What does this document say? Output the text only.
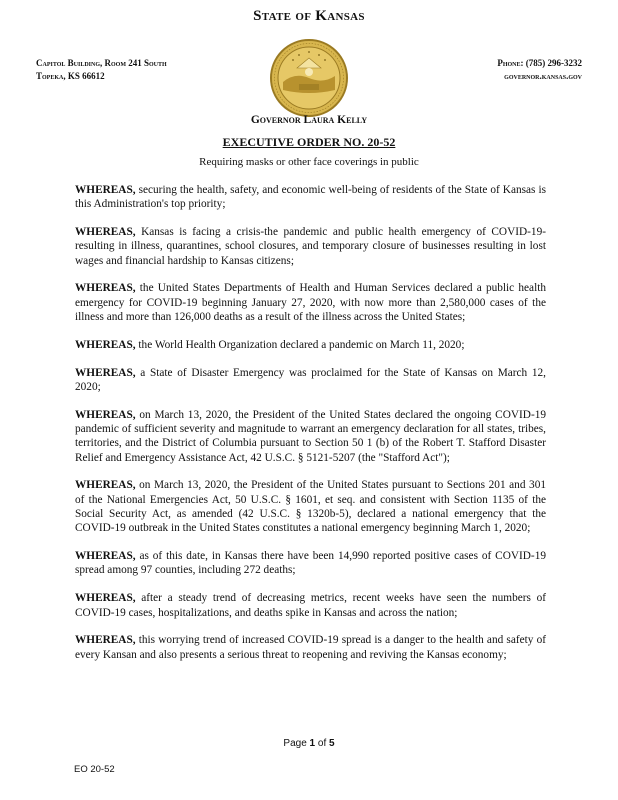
State of Kansas
Capitol Building, Room 241 South
Topeka, KS 66612
Phone: (785) 296-3232
governor.kansas.gov
Governor Laura Kelly
EXECUTIVE ORDER NO. 20-52
Requiring masks or other face coverings in public

WHEREAS, securing the health, safety, and economic well-being of residents of the State of Kansas is this Administration's top priority;

WHEREAS, Kansas is facing a crisis-the pandemic and public health emergency of COVID-19-resulting in illness, quarantines, school closures, and temporary closure of businesses resulting in lost wages and financial hardship to Kansas citizens;

WHEREAS, the United States Departments of Health and Human Services declared a public health emergency for COVID-19 beginning January 27, 2020, with now more than 2,580,000 cases of the illness and more than 126,000 deaths as a result of the illness across the United States;

WHEREAS, the World Health Organization declared a pandemic on March 11, 2020;

WHEREAS, a State of Disaster Emergency was proclaimed for the State of Kansas on March 12, 2020;

WHEREAS, on March 13, 2020, the President of the United States declared the ongoing COVID-19 pandemic of sufficient severity and magnitude to warrant an emergency declaration for all states, tribes, territories, and the District of Columbia pursuant to Section 50 1 (b) of the Robert T. Stafford Disaster Relief and Emergency Assistance Act, 42 U.S.C. § 5121-5207 (the "Stafford Act");

WHEREAS, on March 13, 2020, the President of the United States pursuant to Sections 201 and 301 of the National Emergencies Act, 50 U.S.C. § 1601, et seq. and consistent with Section 1135 of the Social Security Act, as amended (42 U.S.C. § 1320b-5), declared a national emergency that the COVID-19 outbreak in the United States constitutes a national emergency beginning March 1, 2020;

WHEREAS, as of this date, in Kansas there have been 14,990 reported positive cases of COVID-19 spread among 97 counties, including 272 deaths;

WHEREAS, after a steady trend of decreasing metrics, recent weeks have seen the numbers of COVID-19 cases, hospitalizations, and deaths spike in Kansas and across the nation;

WHEREAS, this worrying trend of increased COVID-19 spread is a danger to the health and safety of every Kansan and also presents a serious threat to reopening and reviving the Kansas economy;

Page 1 of 5
EO 20-52
